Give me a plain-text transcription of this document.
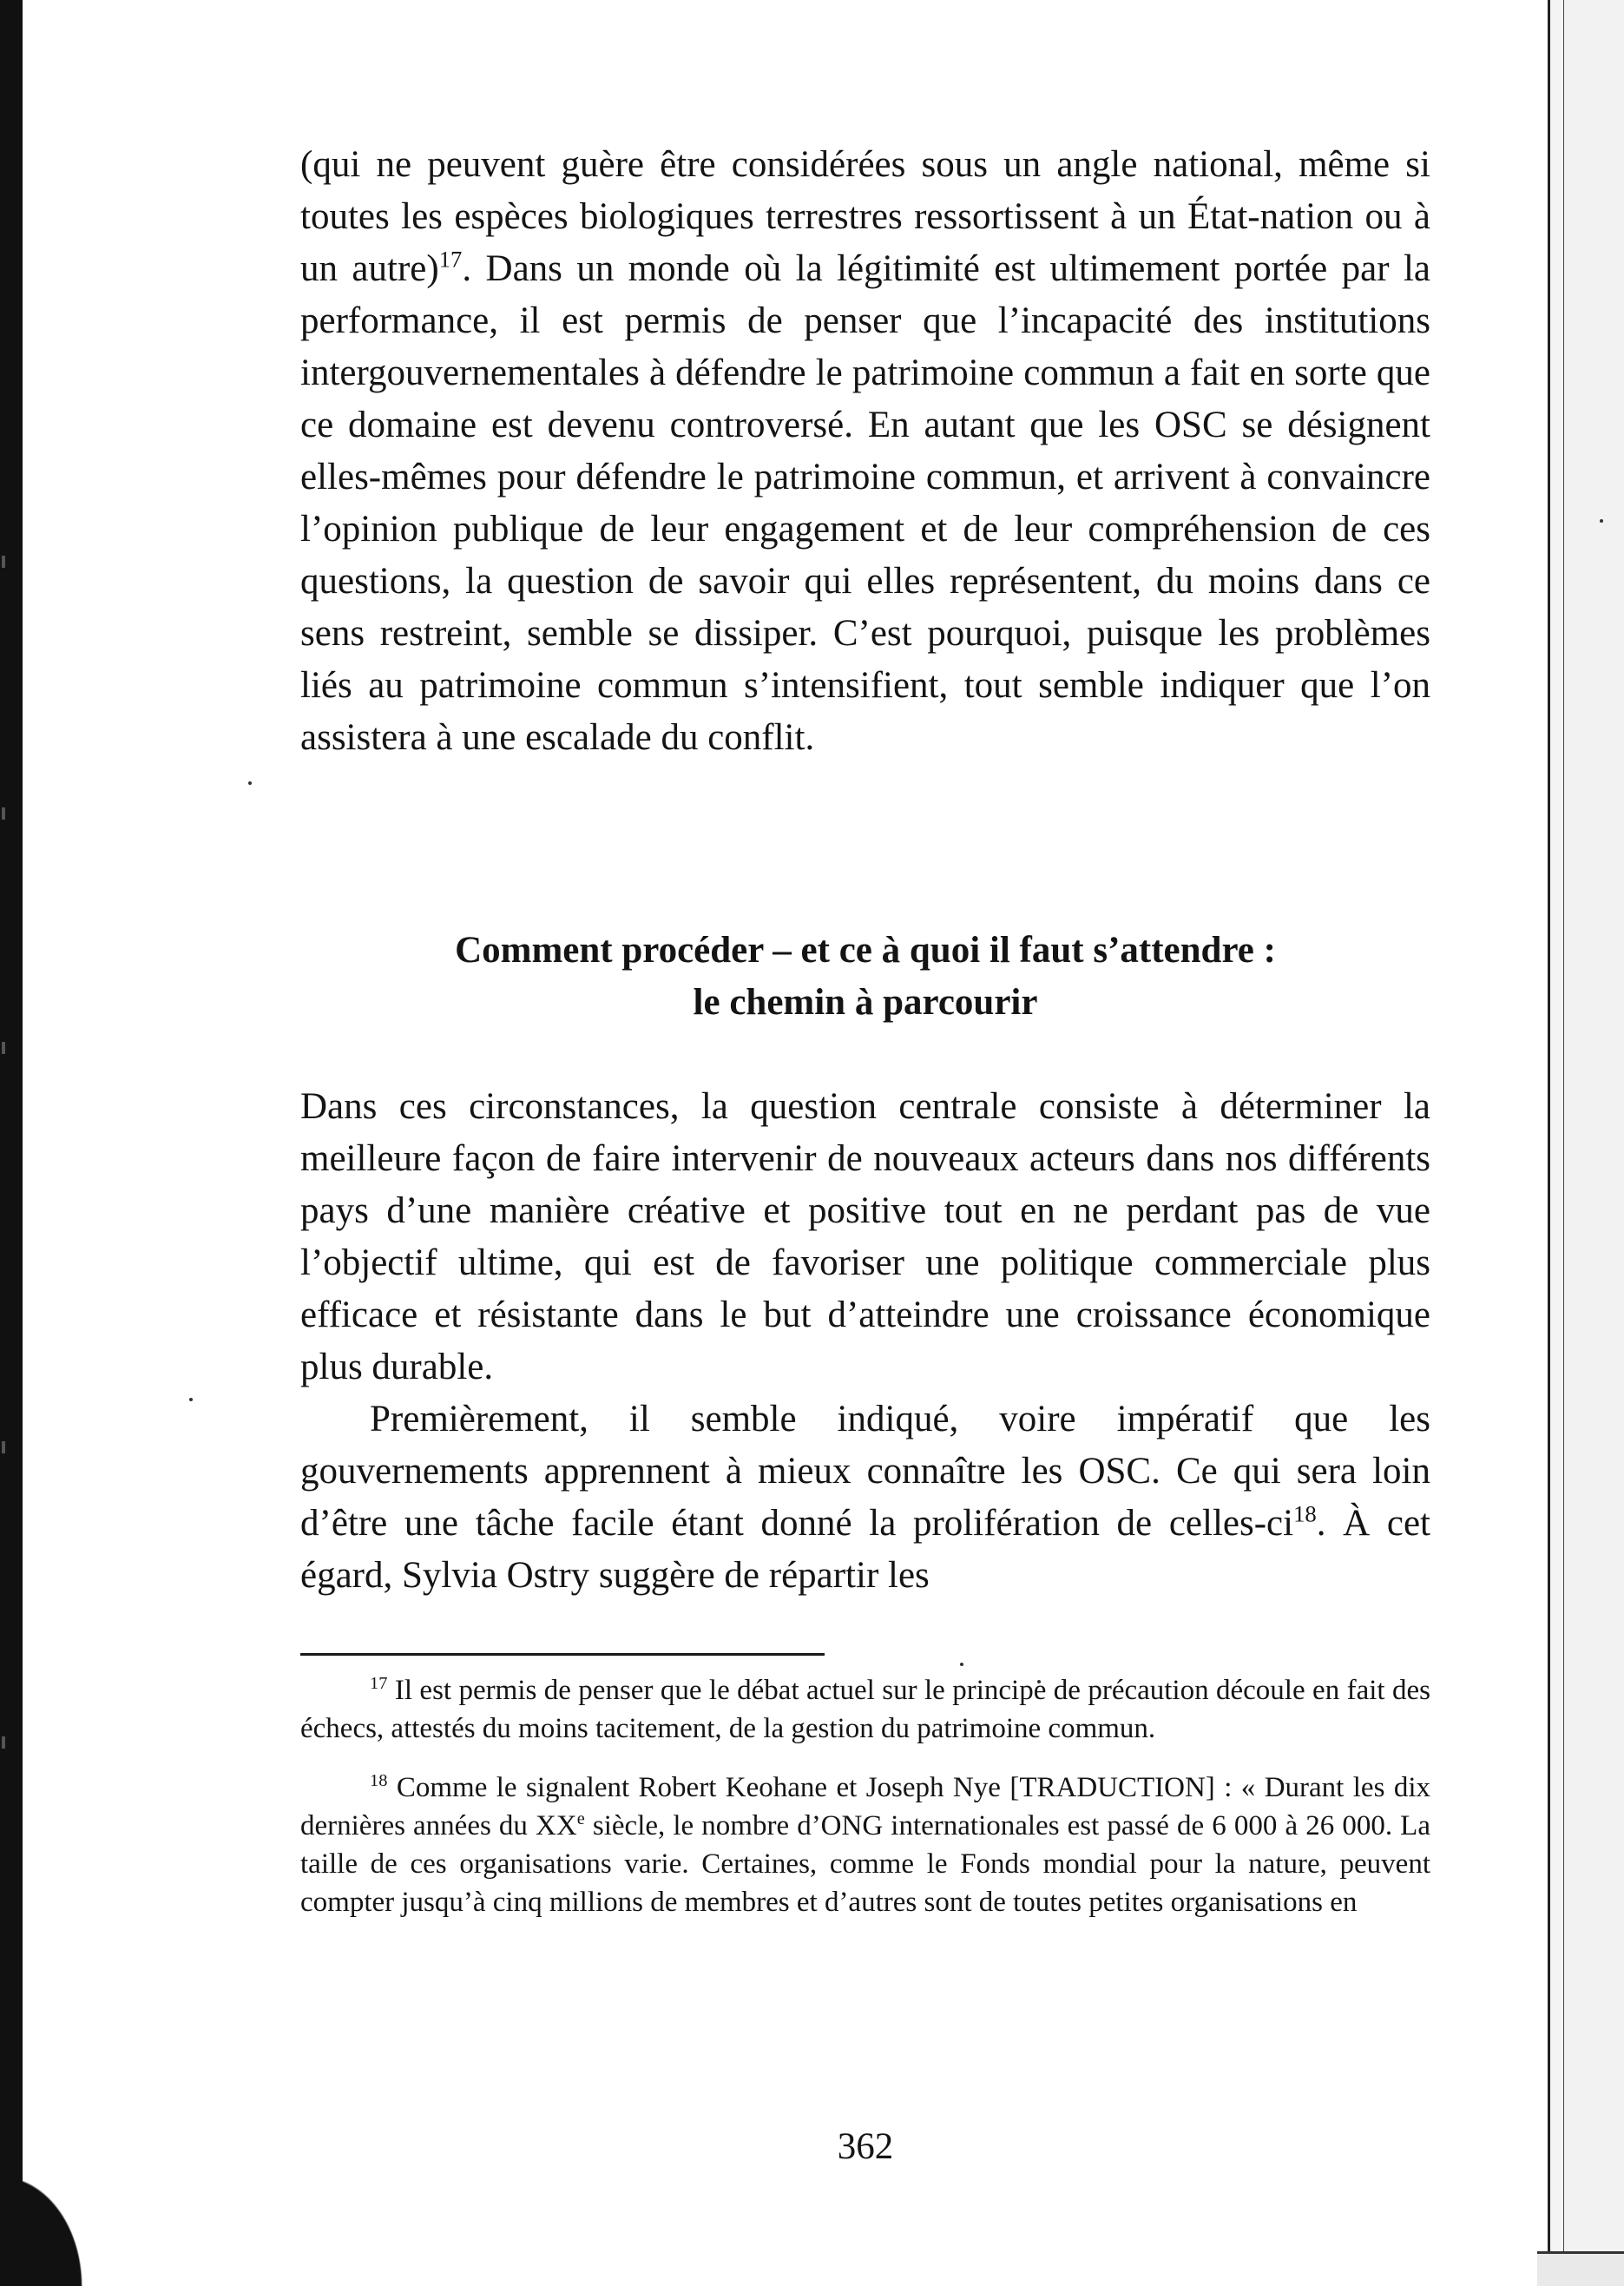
(qui ne peuvent guère être considérées sous un angle national, même si toutes les espèces biologiques terrestres ressortissent à un État-nation ou à un autre)$^{17}$. Dans un monde où la légitimité est ultimement portée par la performance, il est permis de penser que l’incapacité des institutions intergouvernementales à défendre le patrimoine commun a fait en sorte que ce domaine est devenu controversé. En autant que les OSC se désignent elles-mêmes pour défendre le patrimoine commun, et arrivent à convaincre l’opinion publique de leur engagement et de leur compréhension de ces questions, la question de savoir qui elles représentent, du moins dans ce sens restreint, semble se dissiper. C’est pourquoi, puisque les problèmes liés au patrimoine commun s’intensifient, tout semble indiquer que l’on assistera à une escalade du conflit.

Comment procéder – et ce à quoi il faut s’attendre :
le chemin à parcourir

Dans ces circonstances, la question centrale consiste à déterminer la meilleure façon de faire intervenir de nouveaux acteurs dans nos différents pays d’une manière créative et positive tout en ne perdant pas de vue l’objectif ultime, qui est de favoriser une politique commerciale plus efficace et résistante dans le but d’atteindre une croissance économique plus durable.

Premièrement, il semble indiqué, voire impératif que les gouvernements apprennent à mieux connaître les OSC. Ce qui sera loin d’être une tâche facile étant donné la prolifération de celles-$ci^{18}$. À cet égard, Sylvia Ostry suggère de répartir les

$^{17}$ Il est permis de penser que le débat actuel sur le principe de précaution découle en fait des échecs, attestés du moins tacitement, de la gestion du patrimoine commun.

$^{18}$ Comme le signalent Robert Keohane et Joseph Nye [TRADUCTION] : « Durant les dix dernières années du XXe siècle, le nombre d’ONG internationales est passé de 6 000 à 26 000. La taille de ces organisations varie. Certaines, comme le Fonds mondial pour la nature, peuvent compter jusqu’à cinq millions de membres et d’autres sont de toutes petites organisations en

362
